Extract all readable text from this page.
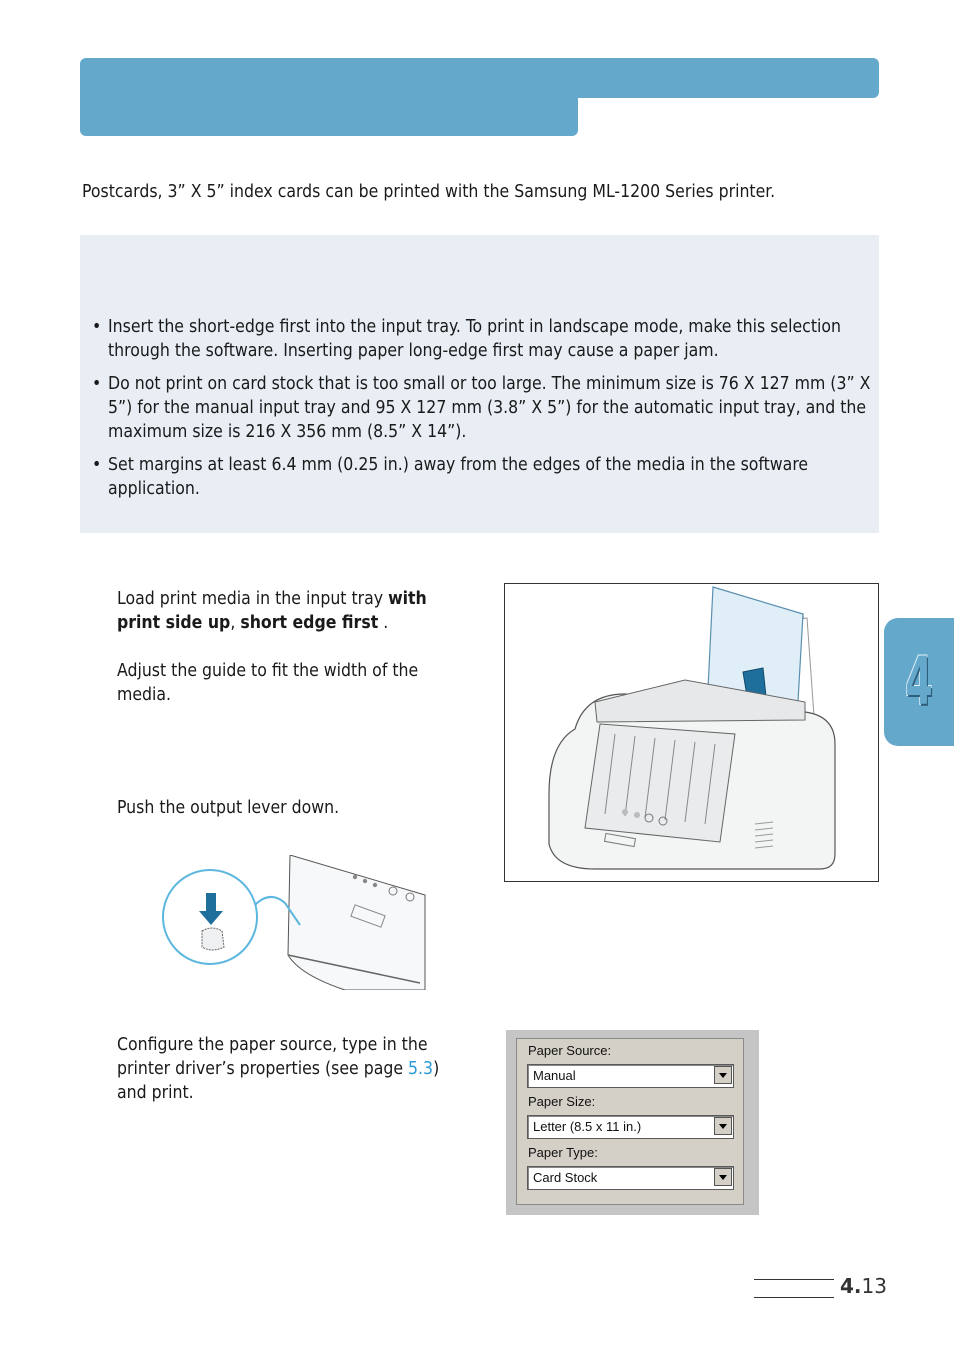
Postcards, 3” X 5” index cards can be printed with the Samsung ML-1200 Series printer.
• Insert the short-edge first into the input tray. To print in landscape mode, make this selection through the software. Inserting paper long-edge first may cause a paper jam.
• Do not print on card stock that is too small or too large. The minimum size is 76 X 127 mm (3” X 5”) for the manual input tray and 95 X 127 mm (3.8” X 5”) for the automatic input tray, and the maximum size is 216 X 356 mm (8.5” X 14”).
• Set margins at least 6.4 mm (0.25 in.) away from the edges of the media in the software application.
Load print media in the input tray with print side up, short edge first .
Adjust the guide to fit the width of the media.
Push the output lever down.
Configure the paper source, type in the printer driver’s properties (see page 5.3) and print.
4
Paper Source:
Manual
Paper Size:
Letter (8.5 x 11 in.)
Paper Type:
Card Stock
4.13
